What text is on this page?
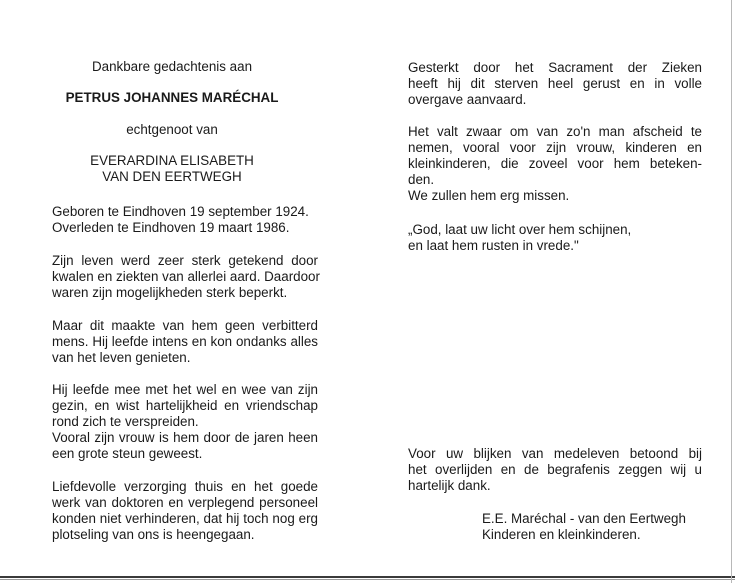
Dankbare gedachtenis aan
PETRUS JOHANNES MARÉCHAL
echtgenoot van
EVERARDINA ELISABETH
VAN DEN EERTWEGH
Geboren te Eindhoven 19 september 1924.
Overleden te Eindhoven 19 maart 1986.
Zijn leven werd zeer sterk getekend door
kwalen en ziekten van allerlei aard. Daardoor
waren zijn mogelijkheden sterk beperkt.
Maar dit maakte van hem geen verbitterd
mens. Hij leefde intens en kon ondanks alles
van het leven genieten.
Hij leefde mee met het wel en wee van zijn
gezin, en wist hartelijkheid en vriendschap
rond zich te verspreiden.
Vooral zijn vrouw is hem door de jaren heen
een grote steun geweest.
Liefdevolle verzorging thuis en het goede
werk van doktoren en verplegend personeel
konden niet verhinderen, dat hij toch nog erg
plotseling van ons is heengegaan.
Gesterkt door het Sacrament der Zieken
heeft hij dit sterven heel gerust en in volle
overgave aanvaard.
Het valt zwaar om van zo'n man afscheid te
nemen, vooral voor zijn vrouw, kinderen en
kleinkinderen, die zoveel voor hem beteken-
den.
We zullen hem erg missen.
„God, laat uw licht over hem schijnen,
en laat hem rusten in vrede."
Voor uw blijken van medeleven betoond bij
het overlijden en de begrafenis zeggen wij u
hartelijk dank.
E.E. Maréchal - van den Eertwegh
Kinderen en kleinkinderen.
